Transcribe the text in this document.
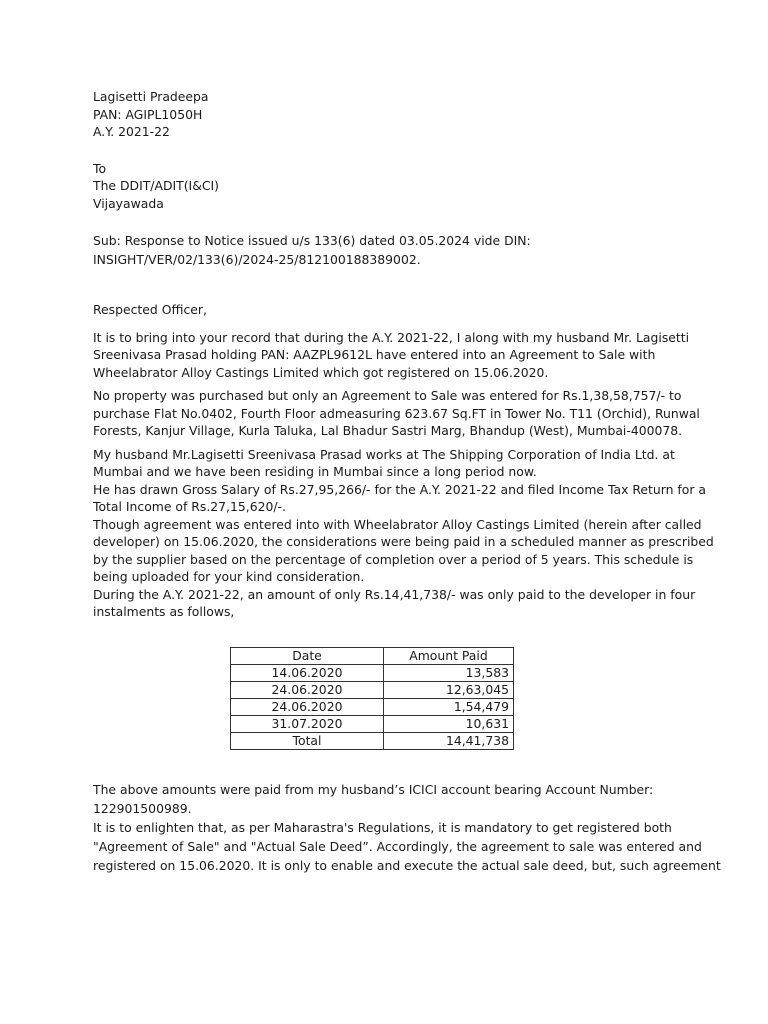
Lagisetti Pradeepa
PAN: AGIPL1050H
A.Y. 2021-22
To
The DDIT/ADIT(I&CI)
Vijayawada
Sub: Response to Notice issued u/s 133(6) dated 03.05.2024 vide DIN:
INSIGHT/VER/02/133(6)/2024-25/812100188389002.
Respected Officer,
It is to bring into your record that during the A.Y. 2021-22, I along with my husband Mr. Lagisetti
Sreenivasa Prasad holding PAN: AAZPL9612L have entered into an Agreement to Sale with
Wheelabrator Alloy Castings Limited which got registered on 15.06.2020.
No property was purchased but only an Agreement to Sale was entered for Rs.1,38,58,757/- to
purchase Flat No.0402, Fourth Floor admeasuring 623.67 Sq.FT in Tower No. T11 (Orchid), Runwal
Forests, Kanjur Village, Kurla Taluka, Lal Bhadur Sastri Marg, Bhandup (West), Mumbai-400078.
My husband Mr.Lagisetti Sreenivasa Prasad works at The Shipping Corporation of India Ltd. at
Mumbai and we have been residing in Mumbai since a long period now.
He has drawn Gross Salary of Rs.27,95,266/- for the A.Y. 2021-22 and filed Income Tax Return for a
Total Income of Rs.27,15,620/-.
Though agreement was entered into with Wheelabrator Alloy Castings Limited (herein after called
developer) on 15.06.2020, the considerations were being paid in a scheduled manner as prescribed
by the supplier based on the percentage of completion over a period of 5 years. This schedule is
being uploaded for your kind consideration.
During the A.Y. 2021-22, an amount of only Rs.14,41,738/- was only paid to the developer in four
instalments as follows,
Date	Amount Paid
14.06.2020	13,583
24.06.2020	12,63,045
24.06.2020	1,54,479
31.07.2020	10,631
Total	14,41,738
The above amounts were paid from my husband’s ICICI account bearing Account Number:
122901500989.
It is to enlighten that, as per Maharastra's Regulations, it is mandatory to get registered both
"Agreement of Sale" and "Actual Sale Deed”. Accordingly, the agreement to sale was entered and
registered on 15.06.2020. It is only to enable and execute the actual sale deed, but, such agreement
